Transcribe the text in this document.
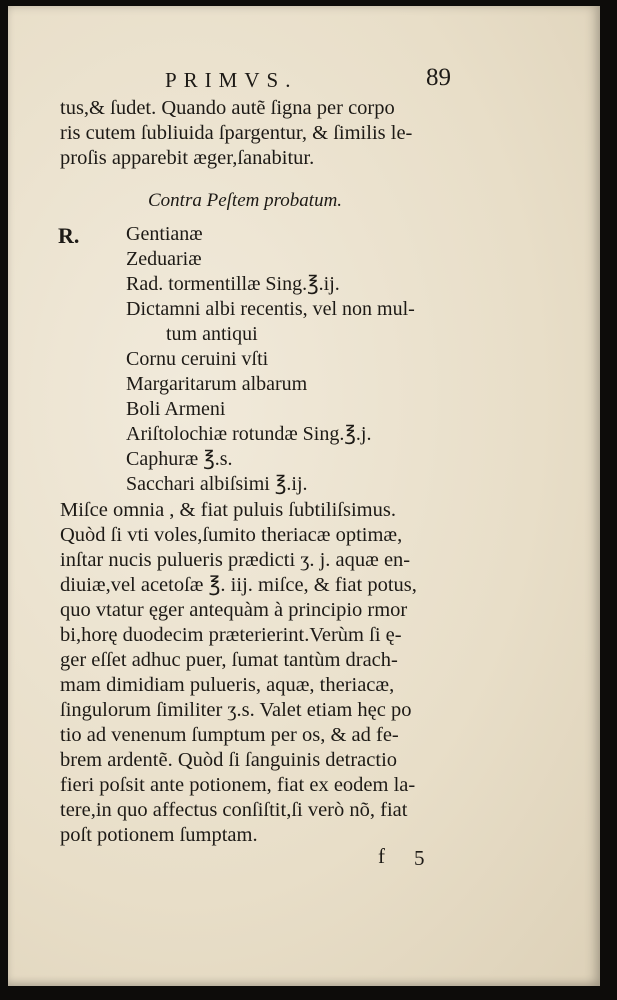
PRIMVS.	89
tus,& ſudet. Quando autẽ ſigna per corpo
ris cutem ſubliuida ſpargentur, & ſimilis le-
proſis apparebit æger,ſanabitur.
Contra Peſtem probatum.
R. Gentianæ
Zeduariæ
Rad. tormentillæ Sing.℥.ij.
Dictamni albi recentis, vel non mul-
tum antiqui
Cornu ceruini vſti
Margaritarum albarum
Boli Armeni
Ariſtolochiæ rotundæ Sing.℥.j.
Caphuræ ℥.s.
Sacchari albiſsimi ℥.ij.
Miſce omnia , & fiat puluis ſubtiliſsimus.
Quòd ſi vti voles,ſumito theriacæ optimæ,
inſtar nucis pulueris prædicti ʒ. j. aquæ en-
diuiæ,vel acetoſæ ℥. iij. miſce, & fiat potus,
quo vtatur ęger antequàm à principio rmor
bi,horę duodecim præterierint.Verùm ſi ę-
ger eſſet adhuc puer, ſumat tantùm drach-
mam dimidiam pulueris, aquæ, theriacæ,
ſingulorum ſimiliter ʒ.s. Valet etiam hęc po
tio ad venenum ſumptum per os, & ad fe-
brem ardentẽ. Quòd ſi ſanguinis detractio
fieri poſsit ante potionem, fiat ex eodem la-
tere,in quo affectus conſiſtit,ſi verò nõ, fiat
poſt potionem ſumptam.
f 5
